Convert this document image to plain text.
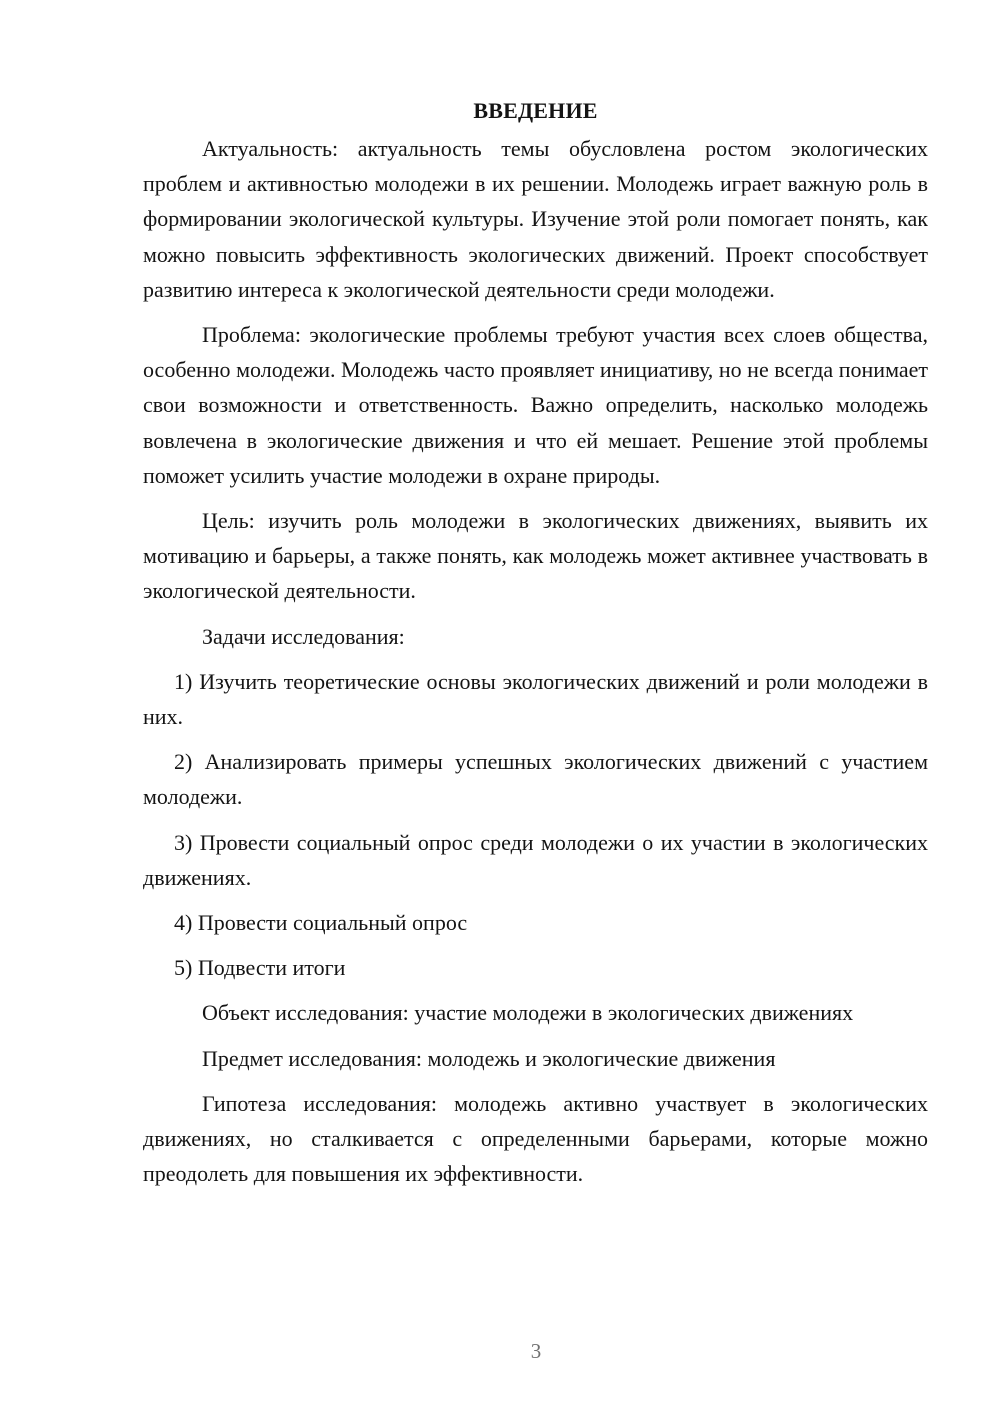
ВВЕДЕНИЕ

Актуальность: актуальность темы обусловлена ростом экологических проблем и активностью молодежи в их решении. Молодежь играет важную роль в формировании экологической культуры. Изучение этой роли помогает понять, как можно повысить эффективность экологических движений. Проект способствует развитию интереса к экологической деятельности среди молодежи.

Проблема: экологические проблемы требуют участия всех слоев общества, особенно молодежи. Молодежь часто проявляет инициативу, но не всегда понимает свои возможности и ответственность. Важно определить, насколько молодежь вовлечена в экологические движения и что ей мешает. Решение этой проблемы поможет усилить участие молодежи в охране природы.

Цель: изучить роль молодежи в экологических движениях, выявить их мотивацию и барьеры, а также понять, как молодежь может активнее участвовать в экологической деятельности.

Задачи исследования:

1) Изучить теоретические основы экологических движений и роли молодежи в них.

2) Анализировать примеры успешных экологических движений с участием молодежи.

3) Провести социальный опрос среди молодежи о их участии в экологических движениях.

4) Провести социальный опрос

5) Подвести итоги

Объект исследования: участие молодежи в экологических движениях

Предмет исследования: молодежь и экологические движения

Гипотеза исследования: молодежь активно участвует в экологических движениях, но сталкивается с определенными барьерами, которые можно преодолеть для повышения их эффективности.

3
